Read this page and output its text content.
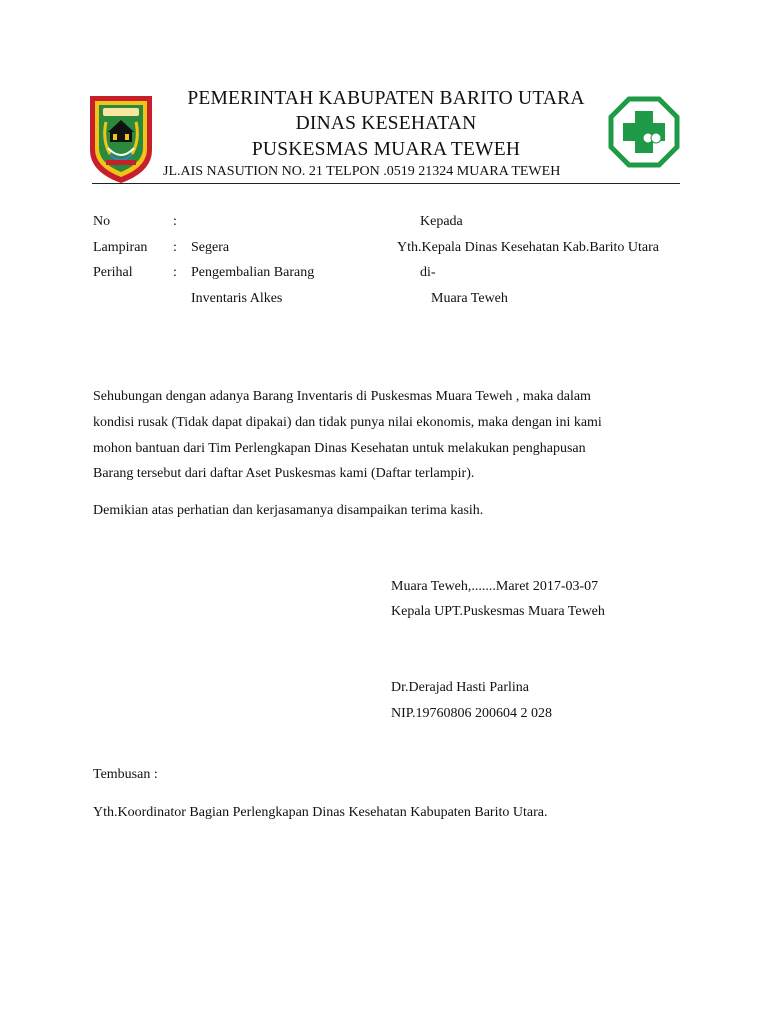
PEMERINTAH KABUPATEN BARITO UTARA
DINAS KESEHATAN
PUSKESMAS MUARA TEWEH
JL.AIS NASUTION NO. 21 TELPON .0519 21324 MUARA TEWEH
No	:
Lampiran : Segera
Perihal	: Pengembalian Barang
Inventaris Alkes
Kepada
Yth.Kepala Dinas Kesehatan Kab.Barito Utara
di-
Muara Teweh
Sehubungan dengan adanya Barang Inventaris di Puskesmas Muara Teweh , maka dalam
kondisi rusak (Tidak dapat dipakai) dan tidak punya nilai ekonomis, maka dengan ini kami
mohon bantuan dari Tim Perlengkapan Dinas Kesehatan untuk melakukan penghapusan
Barang tersebut dari daftar Aset Puskesmas kami (Daftar terlampir).
Demikian atas perhatian dan kerjasamanya disampaikan terima kasih.
Muara Teweh,.......Maret 2017-03-07
Kepala UPT.Puskesmas Muara Teweh
Dr.Derajad Hasti Parlina
NIP.19760806 200604 2 028
Tembusan :
Yth.Koordinator Bagian Perlengkapan Dinas Kesehatan Kabupaten Barito Utara.
